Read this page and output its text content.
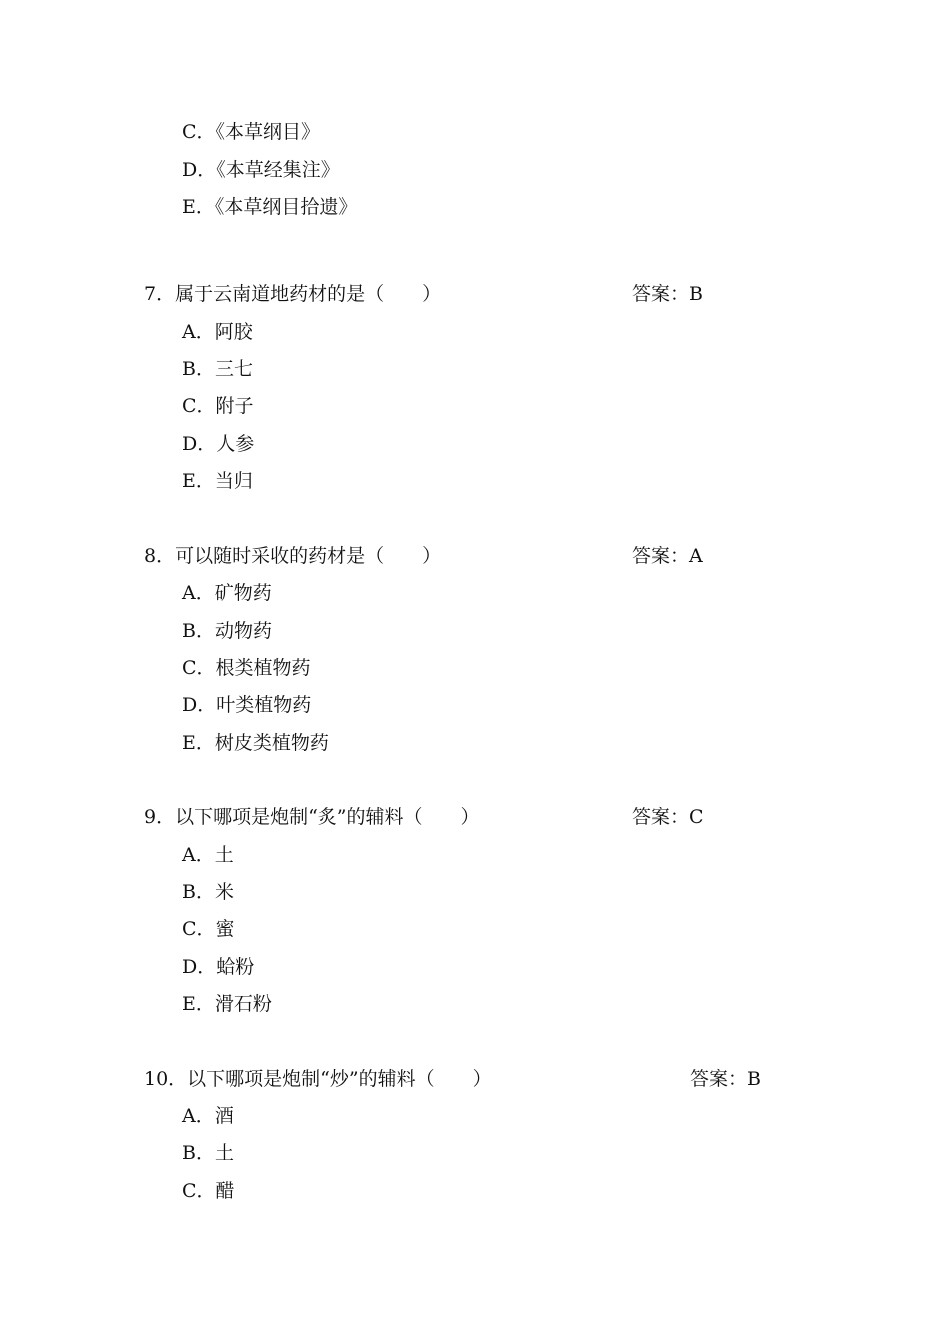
C．《本草纲目》
D．《本草经集注》
E．《本草纲目拾遗》
7．属于云南道地药材的是（　　）	答案：B
A．阿胶
B．三七
C．附子
D．人参
E．当归
8．可以随时采收的药材是（　　）	答案：A
A．矿物药
B．动物药
C．根类植物药
D．叶类植物药
E．树皮类植物药
9．以下哪项是炮制“炙”的辅料（　　）	答案：C
A．土
B．米
C．蜜
D．蛤粉
E．滑石粉
10．以下哪项是炮制“炒”的辅料（　　）	答案：B
A．酒
B．土
C．醋
